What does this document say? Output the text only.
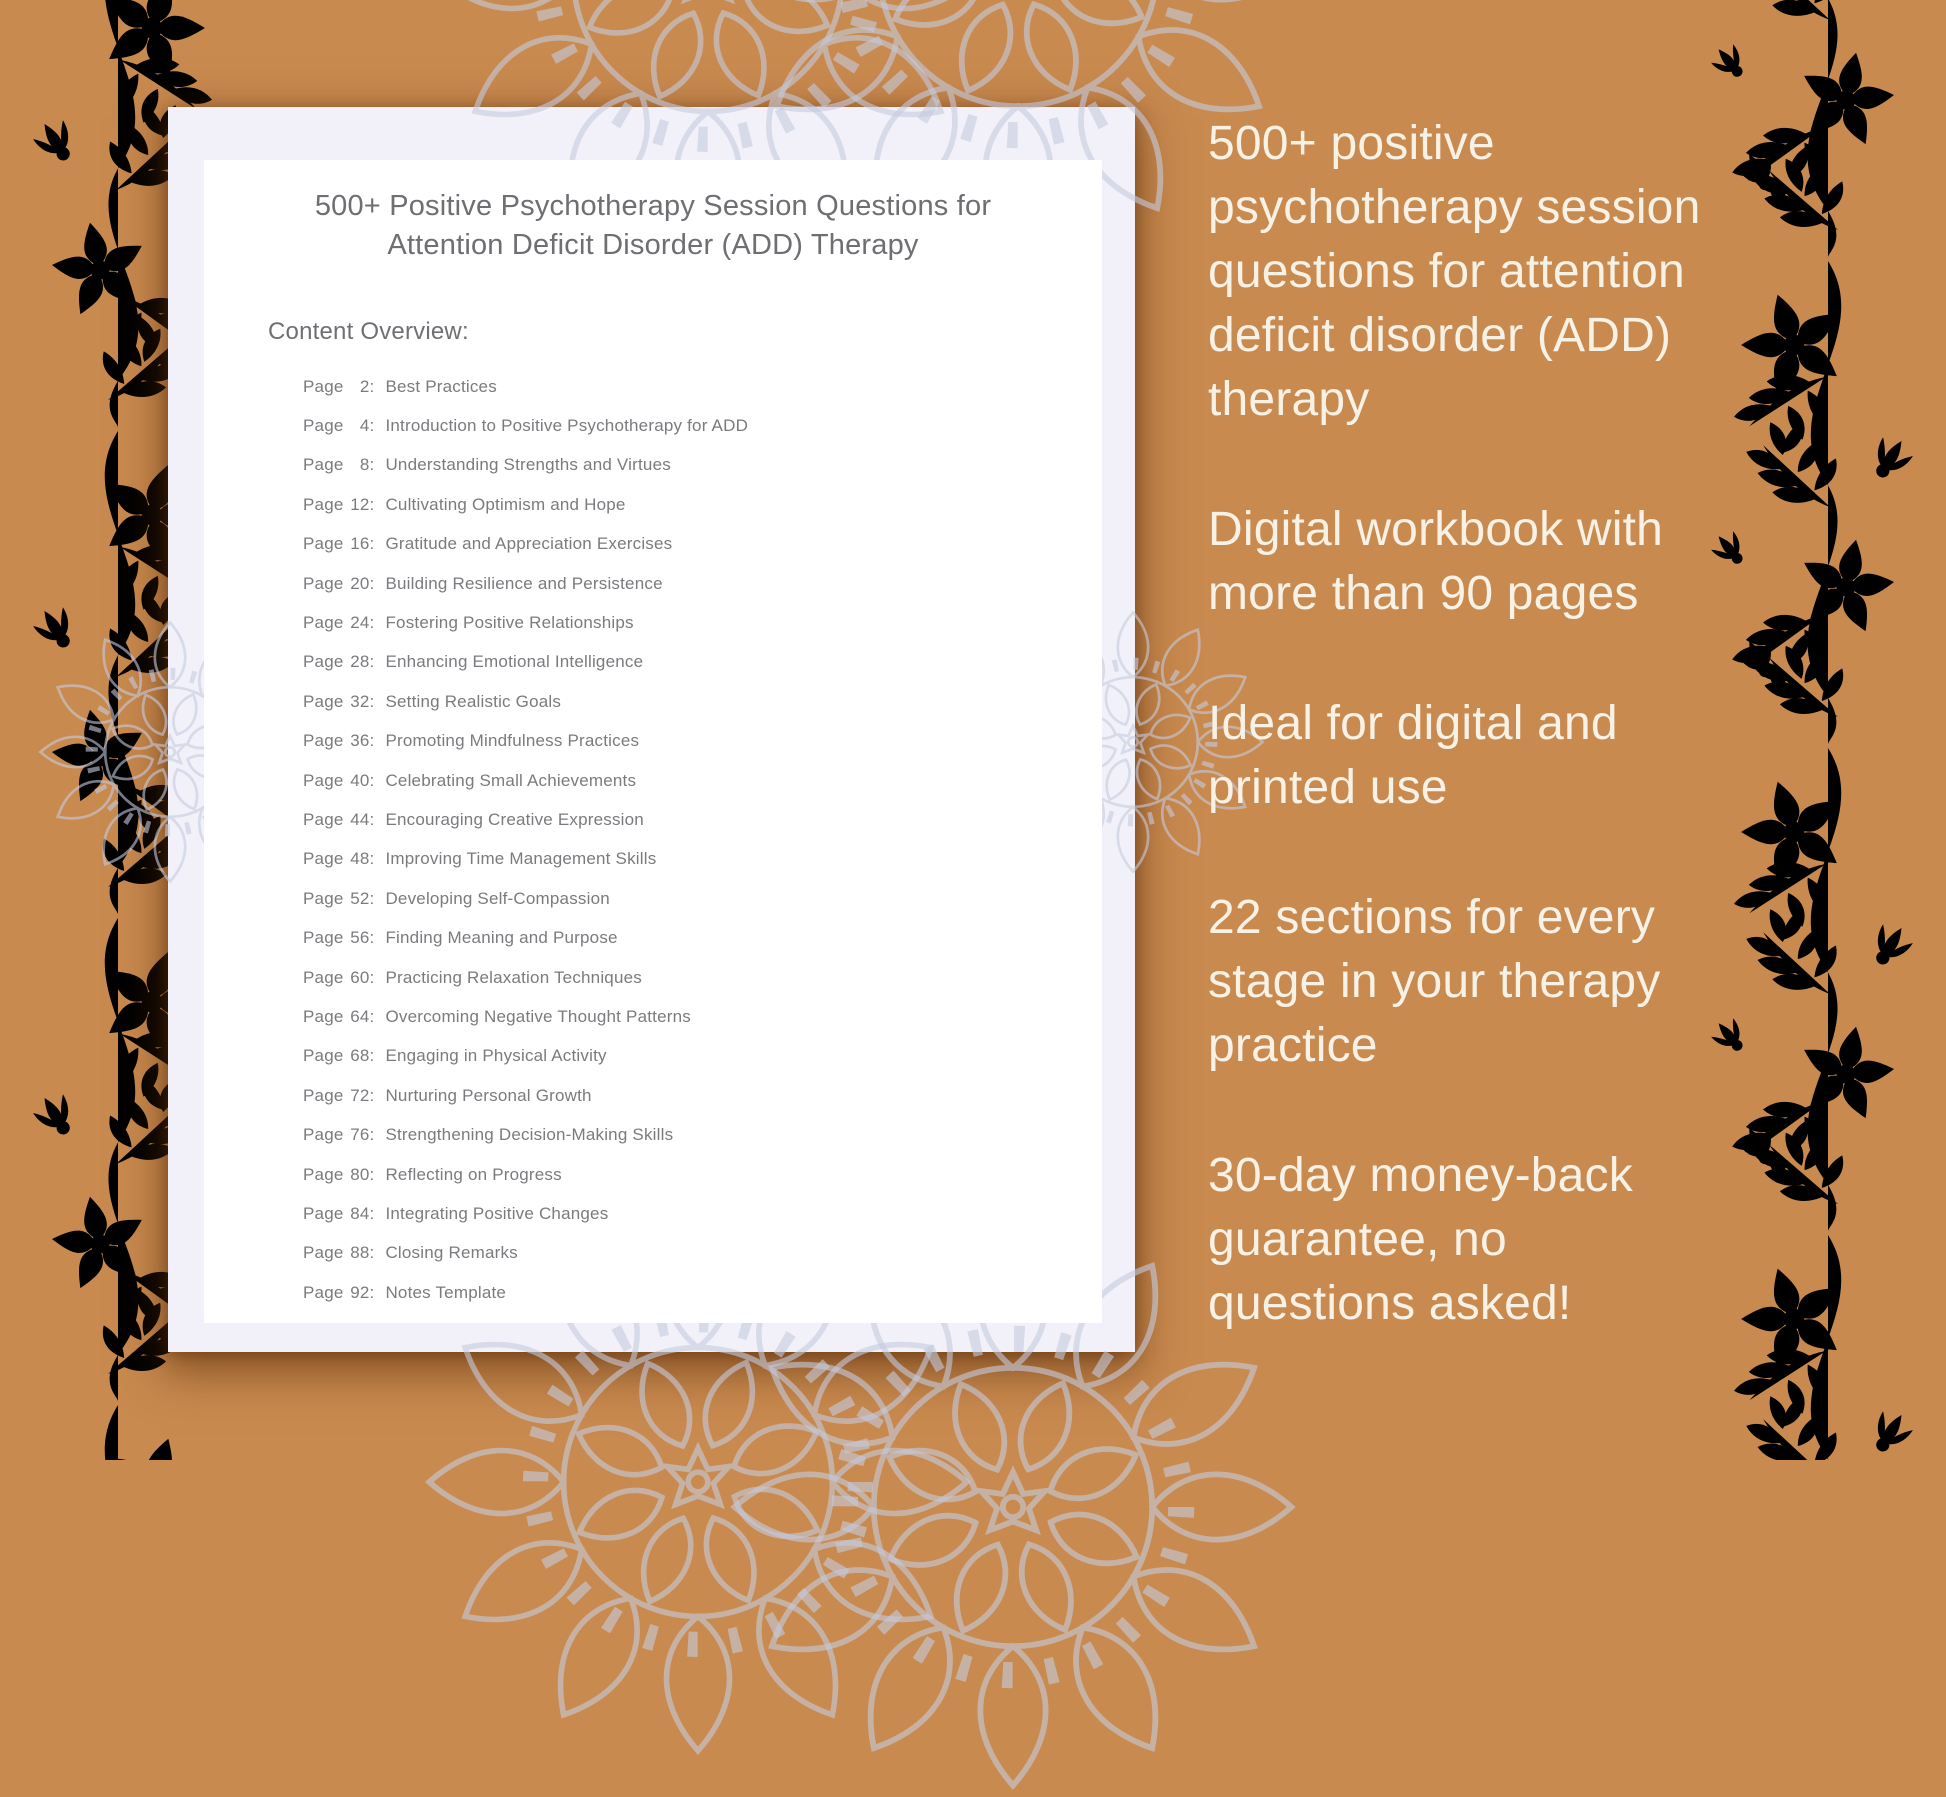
500+ Positive Psychotherapy Session Questions for
Attention Deficit Disorder (ADD) Therapy
Content Overview:
Page 2 : Best Practices
Page 4 : Introduction to Positive Psychotherapy for ADD
Page 8 : Understanding Strengths and Virtues
Page 12 : Cultivating Optimism and Hope
Page 16 : Gratitude and Appreciation Exercises
Page 20 : Building Resilience and Persistence
Page 24 : Fostering Positive Relationships
Page 28 : Enhancing Emotional Intelligence
Page 32 : Setting Realistic Goals
Page 36 : Promoting Mindfulness Practices
Page 40 : Celebrating Small Achievements
Page 44 : Encouraging Creative Expression
Page 48 : Improving Time Management Skills
Page 52 : Developing Self-Compassion
Page 56 : Finding Meaning and Purpose
Page 60 : Practicing Relaxation Techniques
Page 64 : Overcoming Negative Thought Patterns
Page 68 : Engaging in Physical Activity
Page 72 : Nurturing Personal Growth
Page 76 : Strengthening Decision-Making Skills
Page 80 : Reflecting on Progress
Page 84 : Integrating Positive Changes
Page 88 : Closing Remarks
Page 92 : Notes Template
500+ positive
psychotherapy session
questions for attention
deficit disorder (ADD)
therapy
Digital workbook with
more than 90 pages
Ideal for digital and
printed use
22 sections for every
stage in your therapy
practice
30-day money-back
guarantee, no
questions asked!
